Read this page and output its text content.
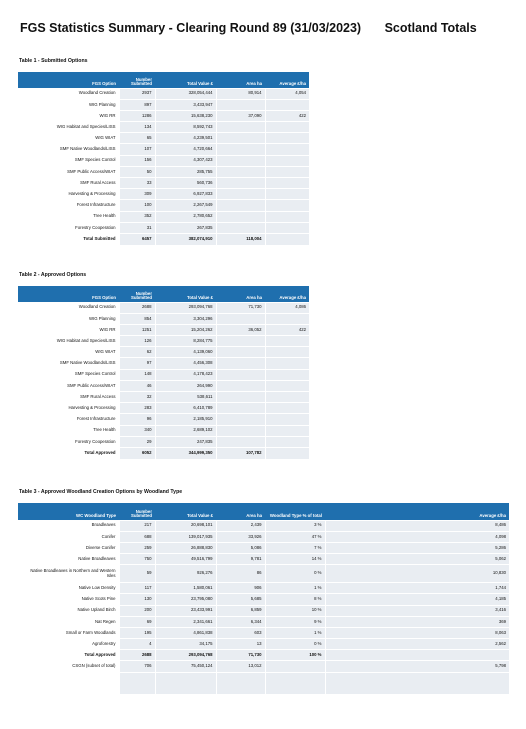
FGS Statistics Summary - Clearing Round 89 (31/03/2023) Scotland Totals
Table 1 - Submitted Options
FGS Option	Number Submitted	Total Value £	Area ha	Average £/ha
Woodland Creation	2937	328,054,444	80,914	4,054
WIG Planning	897	3,433,947		
WIG RR	1286	15,638,230	37,090	422
WIG Habitat and Species/LISS	134	8,592,743		
WIG WIAT	65	4,239,501		
SMF Native Woodlands/LISS	107	4,720,664		
SMF Species Control	156	4,307,423		
SMF Public Access/WIAT	50	285,755		
SMF Rural Access	33	560,736		
Harvesting & Processing	309	6,927,833		
Forest Infrastructure	100	2,267,549		
Tree Health	352	2,780,652		
Forestry Cooperation	31	267,835		
Total Submitted	6457	382,074,910	118,004	
Table 2 - Approved Options
FGS Option	Number Submitted	Total Value £	Area ha	Average £/ha
Woodland Creation	2688	293,094,768	71,730	4,086
WIG Planning	854	3,304,296		
WIG RR	1251	15,204,262	36,052	422
WIG Habitat and Species/LISS	126	8,284,775		
WIG WIAT	62	4,139,060		
SMF Native Woodlands/LISS	97	4,456,308		
SMF Species Control	148	4,178,423		
SMF Public Access/WIAT	46	264,990		
SMF Rural Access	32	538,611		
Harvesting & Processing	283	6,410,789		
Forest Infrastructure	96	2,185,910		
Tree Health	340	2,689,102		
Forestry Cooperation	29	247,835		
Total Approved	6052	344,999,350	107,782	
Table 3 - Approved Woodland Creation Options by Woodland Type
WC Woodland Type	Number Submitted	Total Value £	Area ha	Woodland Type % of total	Average £/ha
Broadleaves	217	20,698,101	2,439	3 %	8,486
Conifer	688	139,017,935	33,926	47 %	4,098
Diverse Conifer	259	26,888,830	5,086	7 %	5,286
Native Broadleaves	750	49,516,799	9,781	14 %	5,062
Native Broadleaves in Northern and Western Isles	59	926,276	86	0 %	10,830
Native Low Density	117	1,580,061	906	1 %	1,744
Native Scots Pine	130	23,795,080	5,685	8 %	4,185
Native Upland Birch	200	23,433,991	6,859	10 %	3,416
Nat Regen	69	2,341,661	6,344	9 %	369
Small or Farm Woodlands	195	4,861,838	603	1 %	8,063
Agroforestry	4	34,175	13	0 %	2,562
Total Approved	2688	293,094,768	71,730	100 %	
CSGN (subset of total)	706	75,450,124	13,012		5,798
